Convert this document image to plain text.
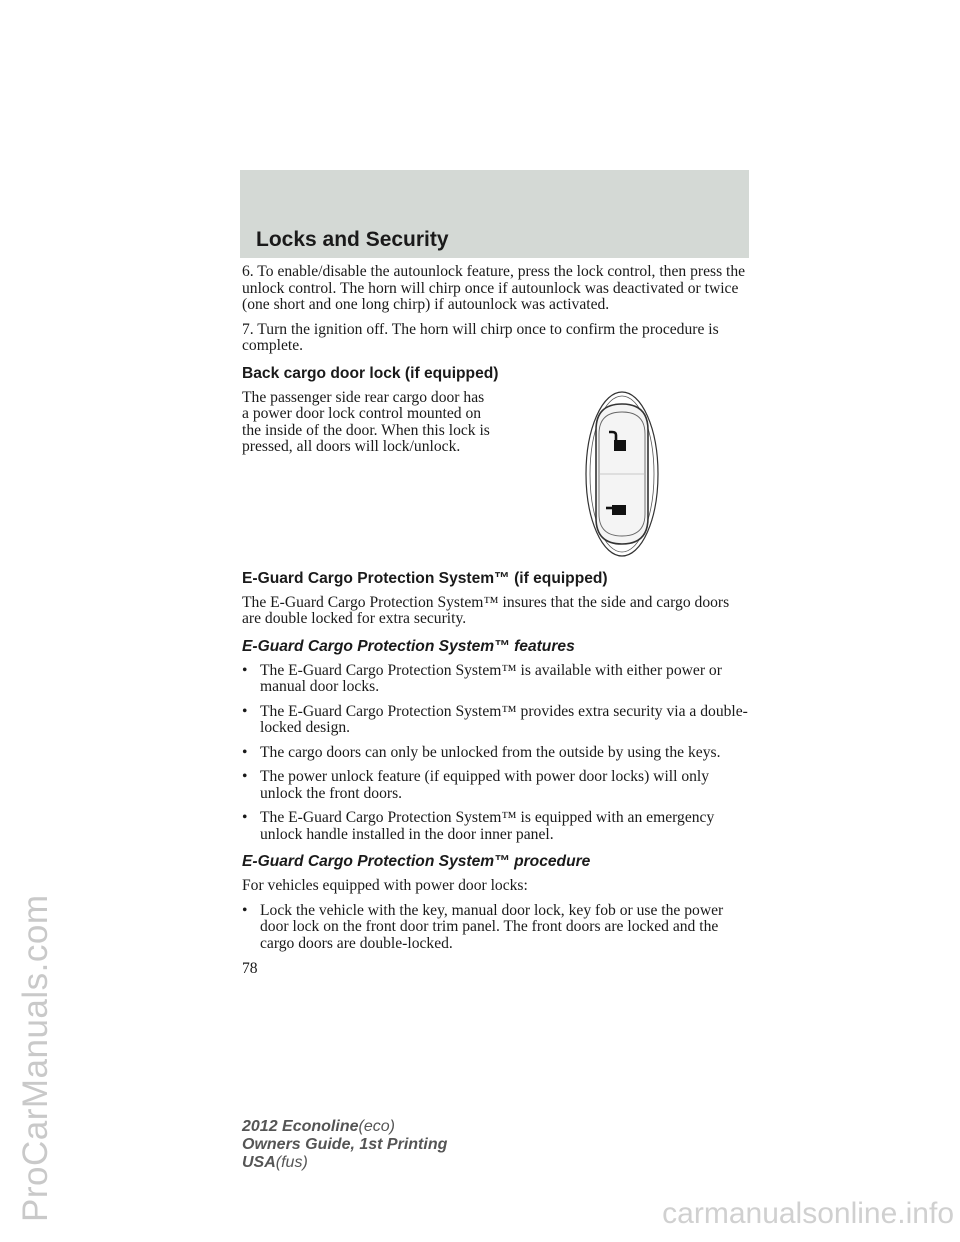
ProCarManuals.com
Locks and Security

6. To enable/disable the autounlock feature, press the lock control, then press the unlock control. The horn will chirp once if autounlock was deactivated or twice (one short and one long chirp) if autounlock was activated.

7. Turn the ignition off. The horn will chirp once to confirm the procedure is complete.

Back cargo door lock (if equipped)

The passenger side rear cargo door has a power door lock control mounted on the inside of the door. When this lock is pressed, all doors will lock/unlock.

E-Guard Cargo Protection System™ (if equipped)

The E-Guard Cargo Protection System™ insures that the side and cargo doors are double locked for extra security.

E-Guard Cargo Protection System™ features
• The E-Guard Cargo Protection System™ is available with either power or manual door locks.
• The E-Guard Cargo Protection System™ provides extra security via a double-locked design.
• The cargo doors can only be unlocked from the outside by using the keys.
• The power unlock feature (if equipped with power door locks) will only unlock the front doors.
• The E-Guard Cargo Protection System™ is equipped with an emergency unlock handle installed in the door inner panel.
E-Guard Cargo Protection System™ procedure

For vehicles equipped with power door locks:

• Lock the vehicle with the key, manual door lock, key fob or use the power door lock on the front door trim panel. The front doors are locked and the cargo doors are double-locked.
78
2012 Econoline(eco)
Owners Guide, 1st Printing
USA(fus)
carmanualsonline.info
